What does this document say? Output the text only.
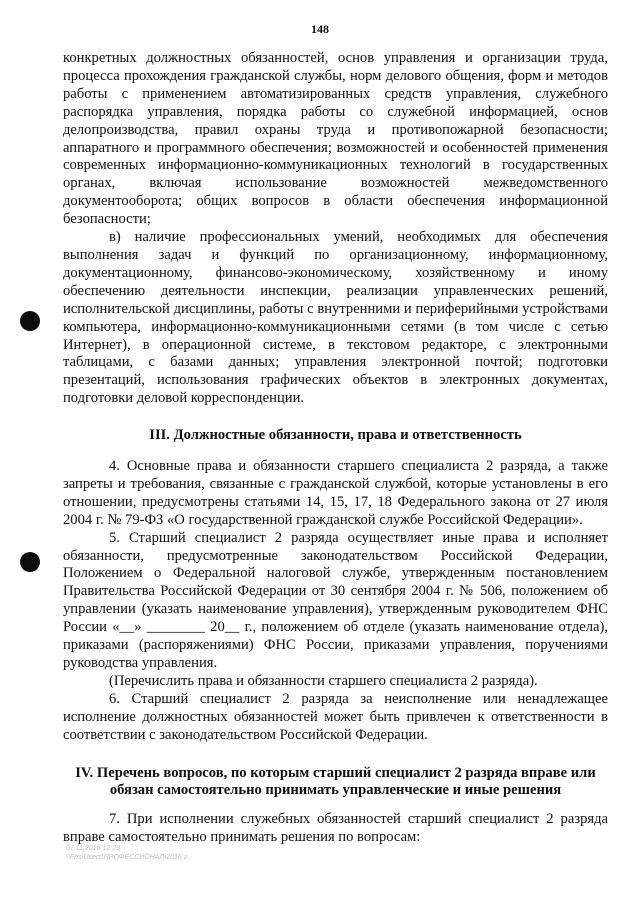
148

конкретных должностных обязанностей, основ управления и организации труда, процесса прохождения гражданской службы, норм делового общения, форм и методов работы с применением автоматизированных средств управления, служебного распорядка управления, порядка работы со служебной информацией, основ делопроизводства, правил охраны труда и противопожарной безопасности; аппаратного и программного обеспечения; возможностей и особенностей применения современных информационно-коммуникационных технологий в государственных органах, включая использование возможностей межведомственного документооборота; общих вопросов в области обеспечения информационной безопасности;

в) наличие профессиональных умений, необходимых для обеспечения выполнения задач и функций по организационному, информационному, документационному, финансово-экономическому, хозяйственному и иному обеспечению деятельности инспекции, реализации управленческих решений, исполнительской дисциплины, работы с внутренними и периферийными устройствами компьютера, информационно-коммуникационными сетями (в том числе с сетью Интернет), в операционной системе, в текстовом редакторе, с электронными таблицами, с базами данных; управления электронной почтой; подготовки презентаций, использования графических объектов в электронных документах, подготовки деловой корреспонденции.

III. Должностные обязанности, права и ответственность

4. Основные права и обязанности старшего специалиста 2 разряда, а также запреты и требования, связанные с гражданской службой, которые установлены в его отношении, предусмотрены статьями 14, 15, 17, 18 Федерального закона от 27 июля 2004 г. № 79-ФЗ «О государственной гражданской службе Российской Федерации».

5. Старший специалист 2 разряда осуществляет иные права и исполняет обязанности, предусмотренные законодательством Российской Федерации, Положением о Федеральной налоговой службе, утвержденным постановлением Правительства Российской Федерации от 30 сентября 2004 г. № 506, положением об управлении (указать наименование управления), утвержденным руководителем ФНС России «__» ________ 20__ г., положением об отделе (указать наименование отдела), приказами (распоряжениями) ФНС России, приказами управления, поручениями руководства управления.

(Перечислить права и обязанности старшего специалиста 2 разряда).

6. Старший специалист 2 разряда за неисполнение или ненадлежащее исполнение должностных обязанностей может быть привлечен к ответственности в соответствии с законодательством Российской Федерации.

IV. Перечень вопросов, по которым старший специалист 2 разряда вправе или
обязан самостоятельно принимать управленческие и иные решения

7. При исполнении служебных обязанностей старший специалист 2 разряда вправе самостоятельно принимать решения по вопросам:

07.11.2016 12:29
\\Fns\Users\ПРОФЕССИОНАЛ\2016 г.
